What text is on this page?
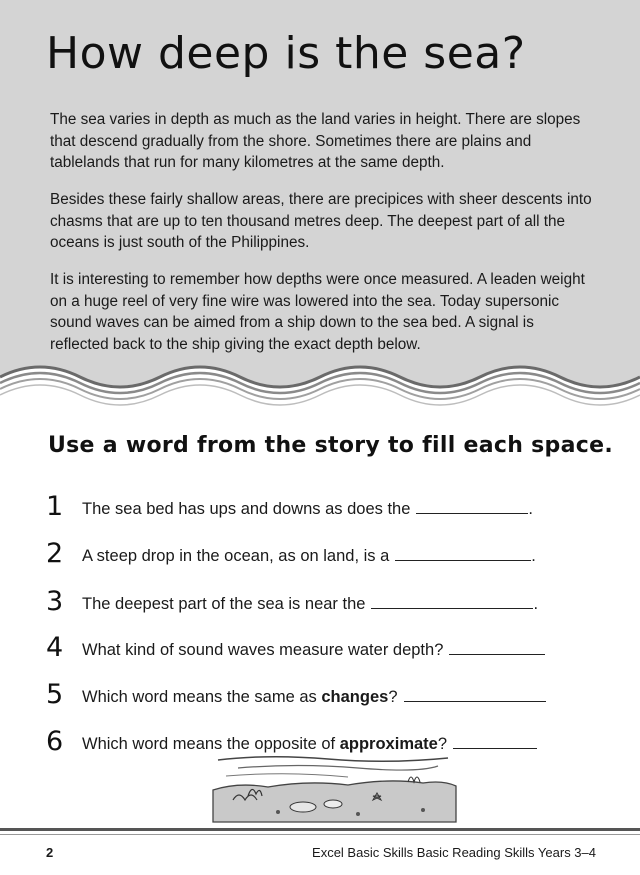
How deep is the sea?

The sea varies in depth as much as the land varies in height. There are slopes that descend gradually from the shore. Sometimes there are plains and tablelands that run for many kilometres at the same depth.

Besides these fairly shallow areas, there are precipices with sheer descents into chasms that are up to ten thousand metres deep. The deepest part of all the oceans is just south of the Philippines.

It is interesting to remember how depths were once measured. A leaden weight on a huge reel of very fine wire was lowered into the sea. Today supersonic sound waves can be aimed from a ship down to the sea bed. A signal is reflected back to the ship giving the exact depth below.

Use a word from the story to fill each space.
1 The sea bed has ups and downs as does the	.
2 A steep drop in the ocean, as on land, is a	.
3 The deepest part of the sea is near the	.
4 What kind of sound waves measure water depth?
5 Which word means the same as changes?
6 Which word means the opposite of approximate?
2	Excel Basic Skills Basic Reading Skills Years 3–4
